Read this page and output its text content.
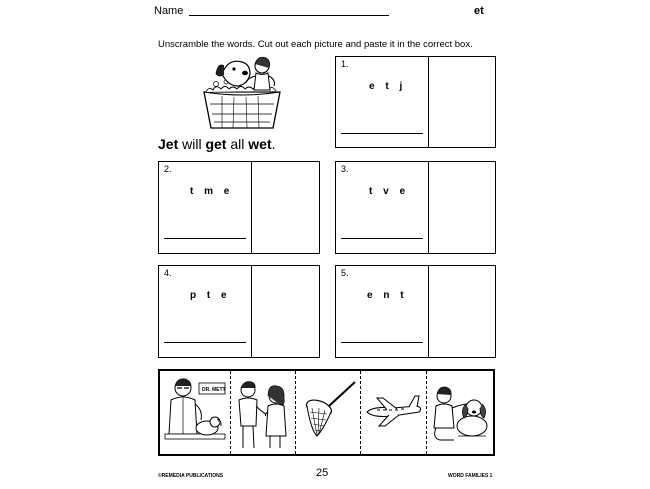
Name	et
Unscramble the words. Cut out each picture and paste it in the correct box.
Jet will get all wet.
1.
e t j
2.
t m e
3.
t v e
4.
p t e
5.
e n t
DR. METT
©REMEDIA PUBLICATIONS	25	WORD FAMILIES 1
